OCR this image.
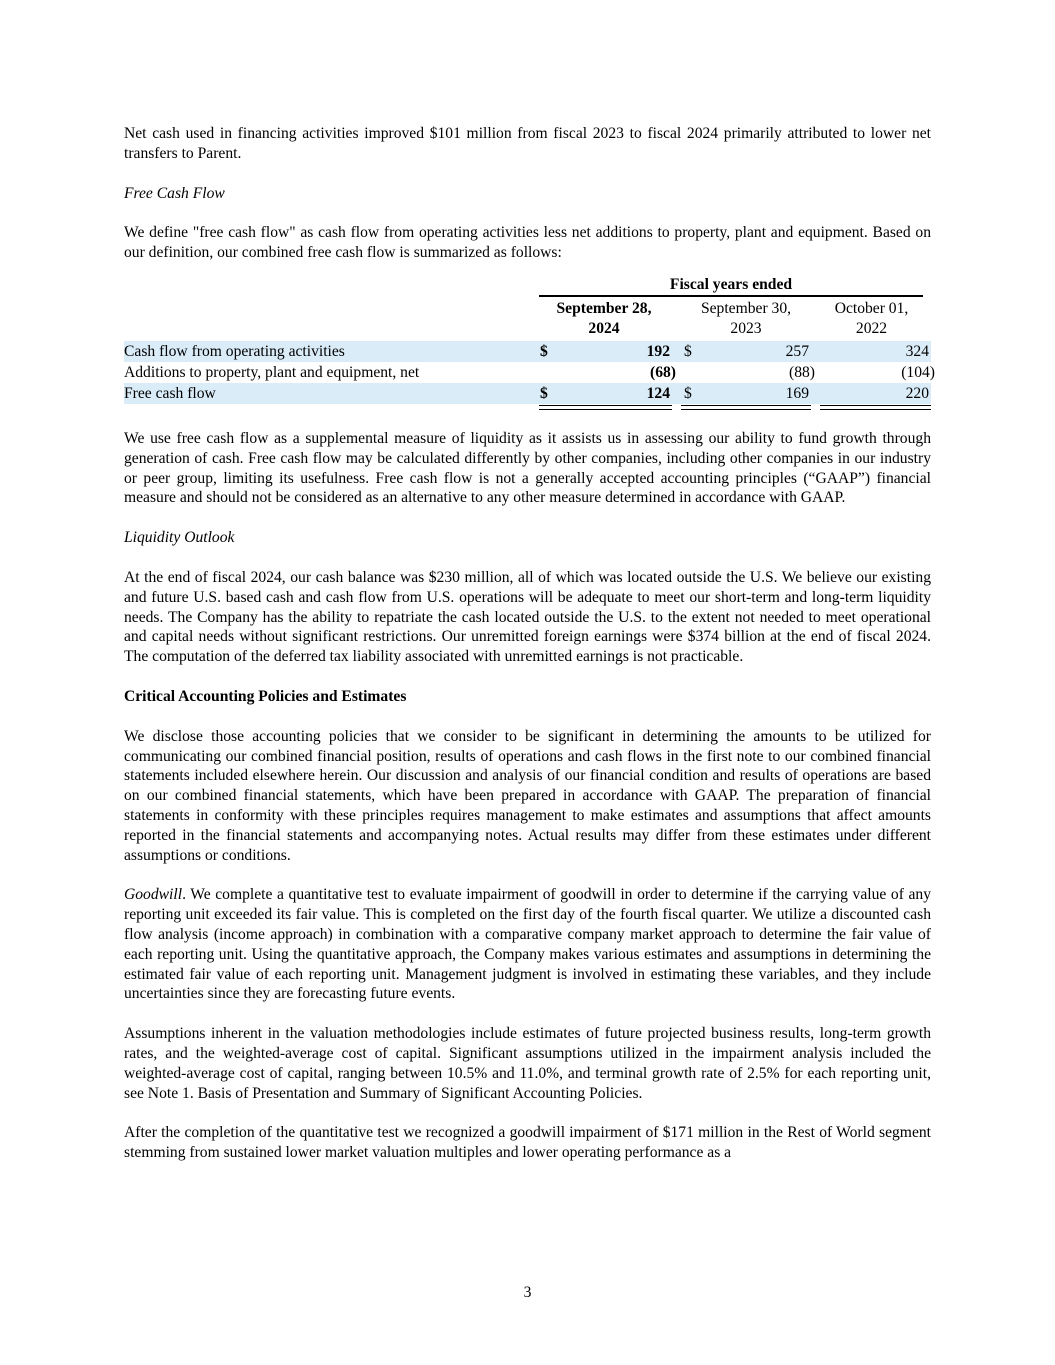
Net cash used in financing activities improved $101 million from fiscal 2023 to fiscal 2024 primarily attributed to lower net transfers to Parent.

Free Cash Flow

We define "free cash flow" as cash flow from operating activities less net additions to property, plant and equipment. Based on our definition, our combined free cash flow is summarized as follows:

Fiscal years ended
September 28,
2024
September 30,
2023
October 01,
2022
Cash flow from operating activities	$	192 $	257	324
Additions to property, plant and equipment, net	(68)	(88)	(104)
Free cash flow	$	124 $	169	220

We use free cash flow as a supplemental measure of liquidity as it assists us in assessing our ability to fund growth through generation of cash. Free cash flow may be calculated differently by other companies, including other companies in our industry or peer group, limiting its usefulness. Free cash flow is not a generally accepted accounting principles (“GAAP”) financial measure and should not be considered as an alternative to any other measure determined in accordance with GAAP.

Liquidity Outlook

At the end of fiscal 2024, our cash balance was $230 million, all of which was located outside the U.S. We believe our existing and future U.S. based cash and cash flow from U.S. operations will be adequate to meet our short-term and long-term liquidity needs. The Company has the ability to repatriate the cash located outside the U.S. to the extent not needed to meet operational and capital needs without significant restrictions. Our unremitted foreign earnings were $374 billion at the end of fiscal 2024. The computation of the deferred tax liability associated with unremitted earnings is not practicable.

Critical Accounting Policies and Estimates

We disclose those accounting policies that we consider to be significant in determining the amounts to be utilized for communicating our combined financial position, results of operations and cash flows in the first note to our combined financial statements included elsewhere herein. Our discussion and analysis of our financial condition and results of operations are based on our combined financial statements, which have been prepared in accordance with GAAP. The preparation of financial statements in conformity with these principles requires management to make estimates and assumptions that affect amounts reported in the financial statements and accompanying notes. Actual results may differ from these estimates under different assumptions or conditions.

Goodwill. We complete a quantitative test to evaluate impairment of goodwill in order to determine if the carrying value of any reporting unit exceeded its fair value. This is completed on the first day of the fourth fiscal quarter. We utilize a discounted cash flow analysis (income approach) in combination with a comparative company market approach to determine the fair value of each reporting unit. Using the quantitative approach, the Company makes various estimates and assumptions in determining the estimated fair value of each reporting unit. Management judgment is involved in estimating these variables, and they include uncertainties since they are forecasting future events.

Assumptions inherent in the valuation methodologies include estimates of future projected business results, long-term growth rates, and the weighted-average cost of capital. Significant assumptions utilized in the impairment analysis included the weighted-average cost of capital, ranging between 10.5% and 11.0%, and terminal growth rate of 2.5% for each reporting unit, see Note 1. Basis of Presentation and Summary of Significant Accounting Policies.

After the completion of the quantitative test we recognized a goodwill impairment of $171 million in the Rest of World segment stemming from sustained lower market valuation multiples and lower operating performance as a

3
